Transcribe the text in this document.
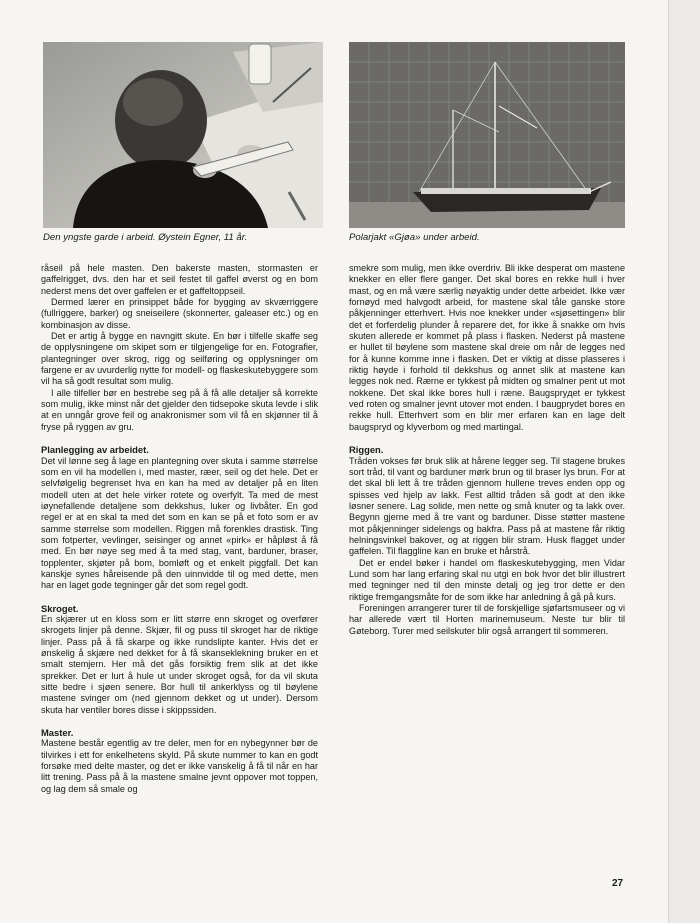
Den yngste garde i arbeid. Øystein Egner, 11 år.	Polarjakt «Gjøa» under arbeid.

råseil på hele masten. Den bakerste masten, stormasten er gaffelrigget, dvs. den har et seil festet til gaffel øverst og en bom nederst mens det over gaffelen er et gaffeltoppseil.

Dermed lærer en prinsippet både for bygging av skværriggere (fullriggere, barker) og sneiseilere (skonnerter, galeaser etc.) og en kombinasjon av disse.

Det er artig å bygge en navngitt skute. En bør i tilfelle skaffe seg de opplysningene om skipet som er tilgjengelige for en. Fotografier, plantegninger over skrog, rigg og seilføring og opplysninger om fargene er av uvurderlig nytte for modell- og flaskeskutebyggere som vil ha så godt resultat som mulig.

I alle tilfeller bør en bestrebe seg på å få alle detaljer så korrekte som mulig, ikke minst når det gjelder den tidsepoke skuta levde i slik at en unngår grove feil og anakronismer som vil få en skjønner til å fryse på ryggen av gru.

Planlegging av arbeidet.

Det vil lønne seg å lage en plantegning over skuta i samme størrelse som en vil ha modellen i, med master, ræer, seil og det hele. Det er selvfølgelig begrenset hva en kan ha med av detaljer på en liten modell uten at det hele virker rotete og overfylt. Ta med de mest iøynefallende detaljene som dekkshus, luker og livbåter. En god regel er at en skal ta med det som en kan se på et foto som er av samme størrelse som modellen. Riggen må forenkles drastisk. Ting som fotperter, vevlinger, seisinger og annet «pirk» er håpløst å få med. En bør nøye seg med å ta med stag, vant, barduner, braser, topplenter, skjøter på bom, bomløft og et enkelt piggfall. Det kan kanskje synes håreisende på den uinnvidde til og med dette, men har en laget gode tegninger går det som regel godt.

Skroget.

En skjærer ut en kloss som er litt større enn skroget og overfører skrogets linjer på denne. Skjær, fil og puss til skroget har de riktige linjer. Pass på å få skarpe og ikke rundslipte kanter. Hvis det er ønskelig å skjære ned dekket for å få skanseklekning bruker en et smalt stemjern. Her må det gås forsiktig frem slik at det ikke sprekker. Det er lurt å hule ut under skroget også, for da vil skuta sitte bedre i sjøen senere. Bor hull til ankerklyss og til bøylene mastene svinger om (ned gjennom dekket og ut under). Dersom skuta har ventiler bores disse i skippssiden.

Master.

Mastene består egentlig av tre deler, men for en nybegynner bør de tilvirkes i ett for enkelhetens skyld. På skute nummer to kan en godt forsøke med delte master, og det er ikke vanskelig å få til når en har litt trening. Pass på å la mastene smalne jevnt oppover mot toppen, og lag dem så smale og

smekre som mulig, men ikke overdriv. Bli ikke desperat om mastene knekker en eller flere ganger. Det skal bores en rekke hull i hver mast, og en må være særlig nøyaktig under dette arbeidet. Ikke vær fornøyd med halvgodt arbeid, for mastene skal tåle ganske store påkjenninger etterhvert. Hvis noe knekker under «sjøsettingen» blir det et forferdelig plunder å reparere det, for ikke å snakke om hvis skuten allerede er kommet på plass i flasken. Nederst på mastene er hullet til bøylene som mastene skal dreie om når de legges ned for å kunne komme inne i flasken. Det er viktig at disse plasseres i riktig høyde i forhold til dekkshus og annet slik at mastene kan legges nok ned. Rærne er tykkest på midten og smalner pent ut mot nokkene. Det skal ikke bores hull i ræne. Baugspryдet er tykkest ved roten og smalner jevnt utover mot enden. I baugprydet bores en rekke hull. Etterhvert som en blir mer erfaren kan en lage delt baugspryd og klyverbom og med martingal.

Riggen.

Tråden vokses før bruk slik at hårene legger seg. Til stagene brukes sort tråd, til vant og barduner mørk brun og til braser lys brun. For at det skal bli lett å tre tråden gjennom hullene treves enden opp og spisses ved hjelp av lakk. Fest alltid tråden så godt at den ikke løsner senere. Lag solide, men nette og små knuter og ta lakk over. Begynn gjerne med å tre vant og barduner. Disse støtter mastene mot påkjenninger sidelengs og bakfra. Pass på at mastene får riktig helningsvinkel bakover, og at riggen blir stram. Husk flagget under gaffelen. Til flaggline kan en bruke et hårstrå.

Det er endel bøker i handel om flaskeskutebygging, men Vidar Lund som har lang erfaring skal nu utgi en bok hvor det blir illustrert med tegninger ned til den minste detalj og jeg tror dette er den riktige fremgangsmåte for de som ikke har anledning å gå på kurs.

Foreningen arrangerer turer til de forskjellige sjøfartsmuseer og vi har allerede vært til Horten marinemuseum. Neste tur blir til Gøteborg. Turer med seilskuter blir også arrangert til sommeren.

27
